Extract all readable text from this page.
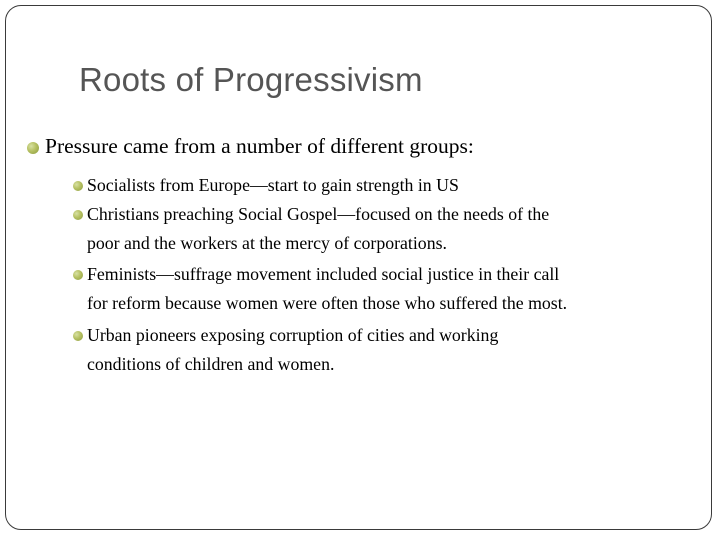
Roots of Progressivism
Pressure came from a number of different groups:
Socialists from Europe—start to gain strength in US
Christians preaching Social Gospel—focused on the needs of the
poor and the workers at the mercy of corporations.
Feminists—suffrage movement included social justice in their call
for reform because women were often those who suffered the most.
Urban pioneers exposing corruption of cities and working
conditions of children and women.
